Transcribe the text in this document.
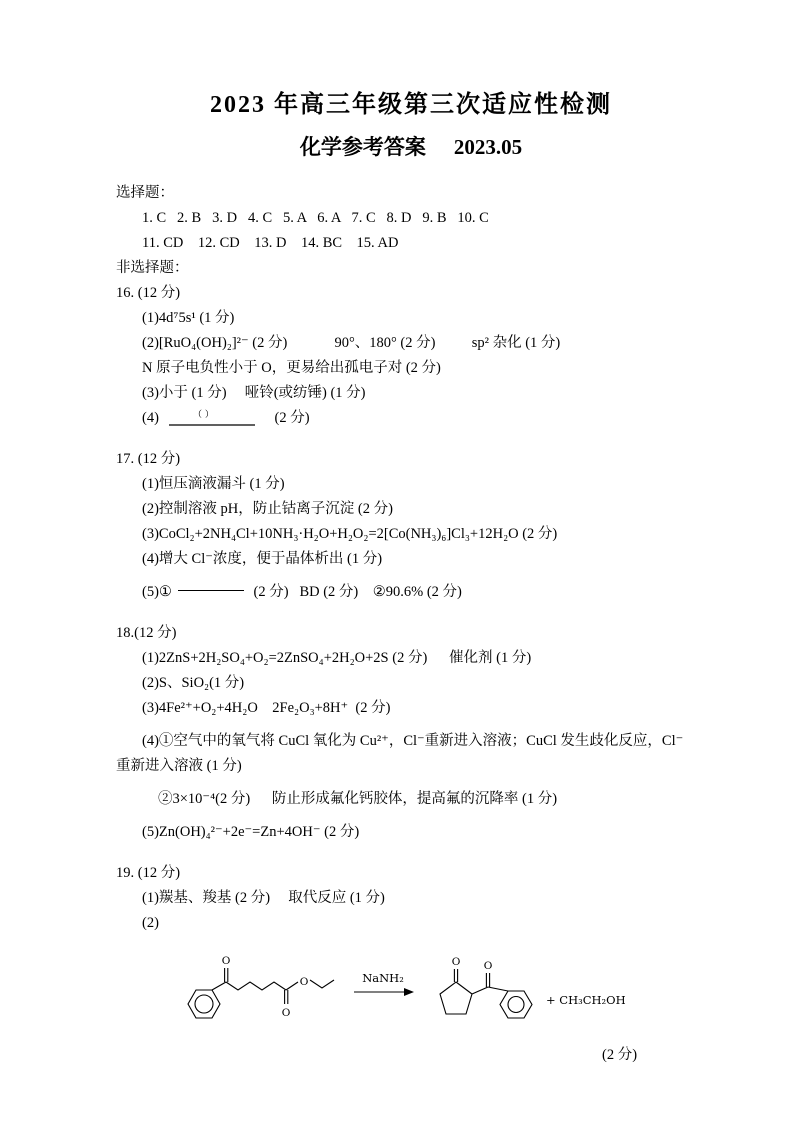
2023 年高三年级第三次适应性检测
化学参考答案 2023.05
选择题：
1. C   2. B   3. D   4. C   5. A   6. A   7. C   8. D   9. B   10. C
11. CD    12. CD    13. D    14. BC    15. AD
非选择题：
16. (12 分)
(1)4d⁷5s¹ (1 分)
(2)[RuO₄(OH)₂]²⁻ (2 分)             90°、180° (2 分)          sp² 杂化 (1 分)
N 原子电负性小于 O，更易给出孤电子对 (2 分)
(3)小于 (1 分)     哑铃(或纺锤) (1 分)
(4)	（ ）	(2 分)
17. (12 分)
(1)恒压滴液漏斗 (1 分)
(2)控制溶液 pH，防止钴离子沉淀 (2 分)
(3)CoCl₂+2NH₄Cl+10NH₃·H₂O+H₂O₂=2[Co(NH₃)₆]Cl₃+12H₂O (2 分)
(4)增大 Cl⁻浓度，便于晶体析出 (1 分)
(5)①	(2 分)   BD (2 分)    ②90.6% (2 分)
18.(12 分)
(1)2ZnS+2H₂SO₄+O₂=2ZnSO₄+2H₂O+2S (2 分)      催化剂 (1 分)
(2)S、SiO₂(1 分)
(3)4Fe²⁺+O₂+4H₂O    2Fe₂O₃+8H⁺  (2 分)
(4)①空气中的氧气将 CuCl 氧化为 Cu²⁺，Cl⁻重新进入溶液；CuCl 发生歧化反应，Cl⁻
重新进入溶液 (1 分)
②3×10⁻⁴(2 分)      防止形成氟化钙胶体，提高氟的沉降率 (1 分)
(5)Zn(OH)₄²⁻+2e⁻=Zn+4OH⁻ (2 分)
19. (12 分)
(1)羰基、羧基 (2 分)     取代反应 (1 分)
(2)
O
O
O	NaNH₂
O O
+ CH₃CH₂OH
(2 分)
